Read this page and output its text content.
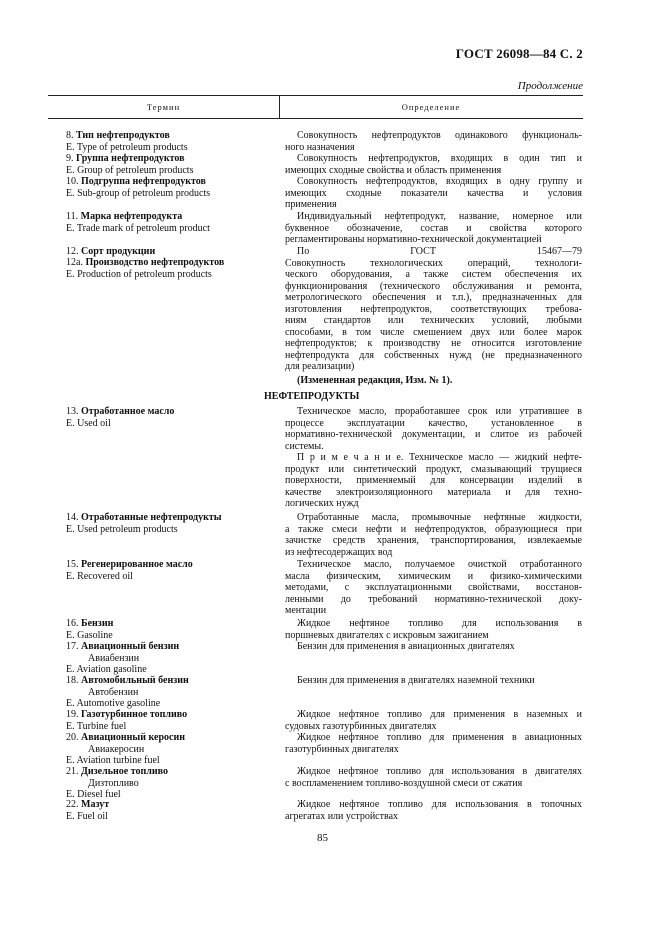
ГОСТ 26098—84 С. 2
Продолжение
Термин	Определение
8. Тип нефтепродуктов
E. Type of petroleum products
9. Группа нефтепродуктов
E. Group of petroleum products
10. Подгруппа нефтепродуктов
E. Sub-group of petroleum products
11. Марка нефтепродукта
E. Trade mark of petroleum product
12. Сорт продукции
12а. Производство нефтепродуктов
E. Production of petroleum products
13. Отработанное масло
E. Used oil
14. Отработанные нефтепродукты
E. Used petroleum products
15. Регенерированное масло
E. Recovered oil
16. Бензин
E. Gasoline
17. Авиационный бензин
Авиабензин
E. Aviation gasoline
18. Автомобильный бензин
Автобензин
E. Automotive gasoline
19. Газотурбинное топливо
E. Turbine fuel
20. Авиационный керосин
Авиакеросин
E. Aviation turbine fuel
21. Дизельное топливо
Дизтопливо
E. Diesel fuel
22. Мазут
E. Fuel oil
Совокупность нефтепродуктов одинакового функциональ-
ного назначения
Совокупность нефтепродуктов, входящих в один тип и
имеющих сходные свойства и область применения
Совокупность нефтепродуктов, входящих в одну группу и
имеющих сходные показатели качества и условия
применения
Индивидуальный нефтепродукт, название, номерное или
буквенное обозначение, состав и свойства которого
регламентированы нормативно-технической документацией
По ГОСТ 15467—79
Совокупность технологических операций, технологи-
ческого оборудования, а также систем обеспечения их
функционирования (технического обслуживания и ремонта,
метрологического обеспечения и т.п.), предназначенных для
изготовления нефтепродуктов, соответствующих требова-
ниям стандартов или технических условий, любыми
способами, в том числе смешением двух или более марок
нефтепродуктов; к производству не относится изготовление
нефтепродукта для собственных нужд (не предназначенного
для реализации)
(Измененная редакция, Изм. № 1).
Техническое масло, проработавшее срок или утратившее в
процессе эксплуатации качество, установленное в
нормативно-технической документации, и слитое из рабочей
системы.
П р и м е ч а н и е. Техническое масло — жидкий нефте-
продукт или синтетический продукт, смазывающий трущиеся
поверхности, применяемый для консервации изделий в
качестве электроизоляционного материала и для техно-
логических нужд
Отработанные масла, промывочные нефтяные жидкости,
а также смеси нефти и нефтепродуктов, образующиеся при
зачистке средств хранения, транспортирования, извлекаемые
из нефтесодержащих вод
Техническое масло, получаемое очисткой отработанного
масла физическим, химическим и физико-химическими
методами, с эксплуатационными свойствами, восстанов-
ленными до требований нормативно-технической доку-
ментации
Жидкое нефтяное топливо для использования в
поршневых двигателях с искровым зажиганием
Бензин для применения в авиационных двигателях
Бензин для применения в двигателях наземной техники
Жидкое нефтяное топливо для применения в наземных и
судовых газотурбинных двигателях
Жидкое нефтяное топливо для применения в авиационных
газотурбинных двигателях
Жидкое нефтяное топливо для использования в двигателях
с воспламенением топливо-воздушной смеси от сжатия
Жидкое нефтяное топливо для использования в топочных
агрегатах или устройствах
НЕФТЕПРОДУКТЫ
85
